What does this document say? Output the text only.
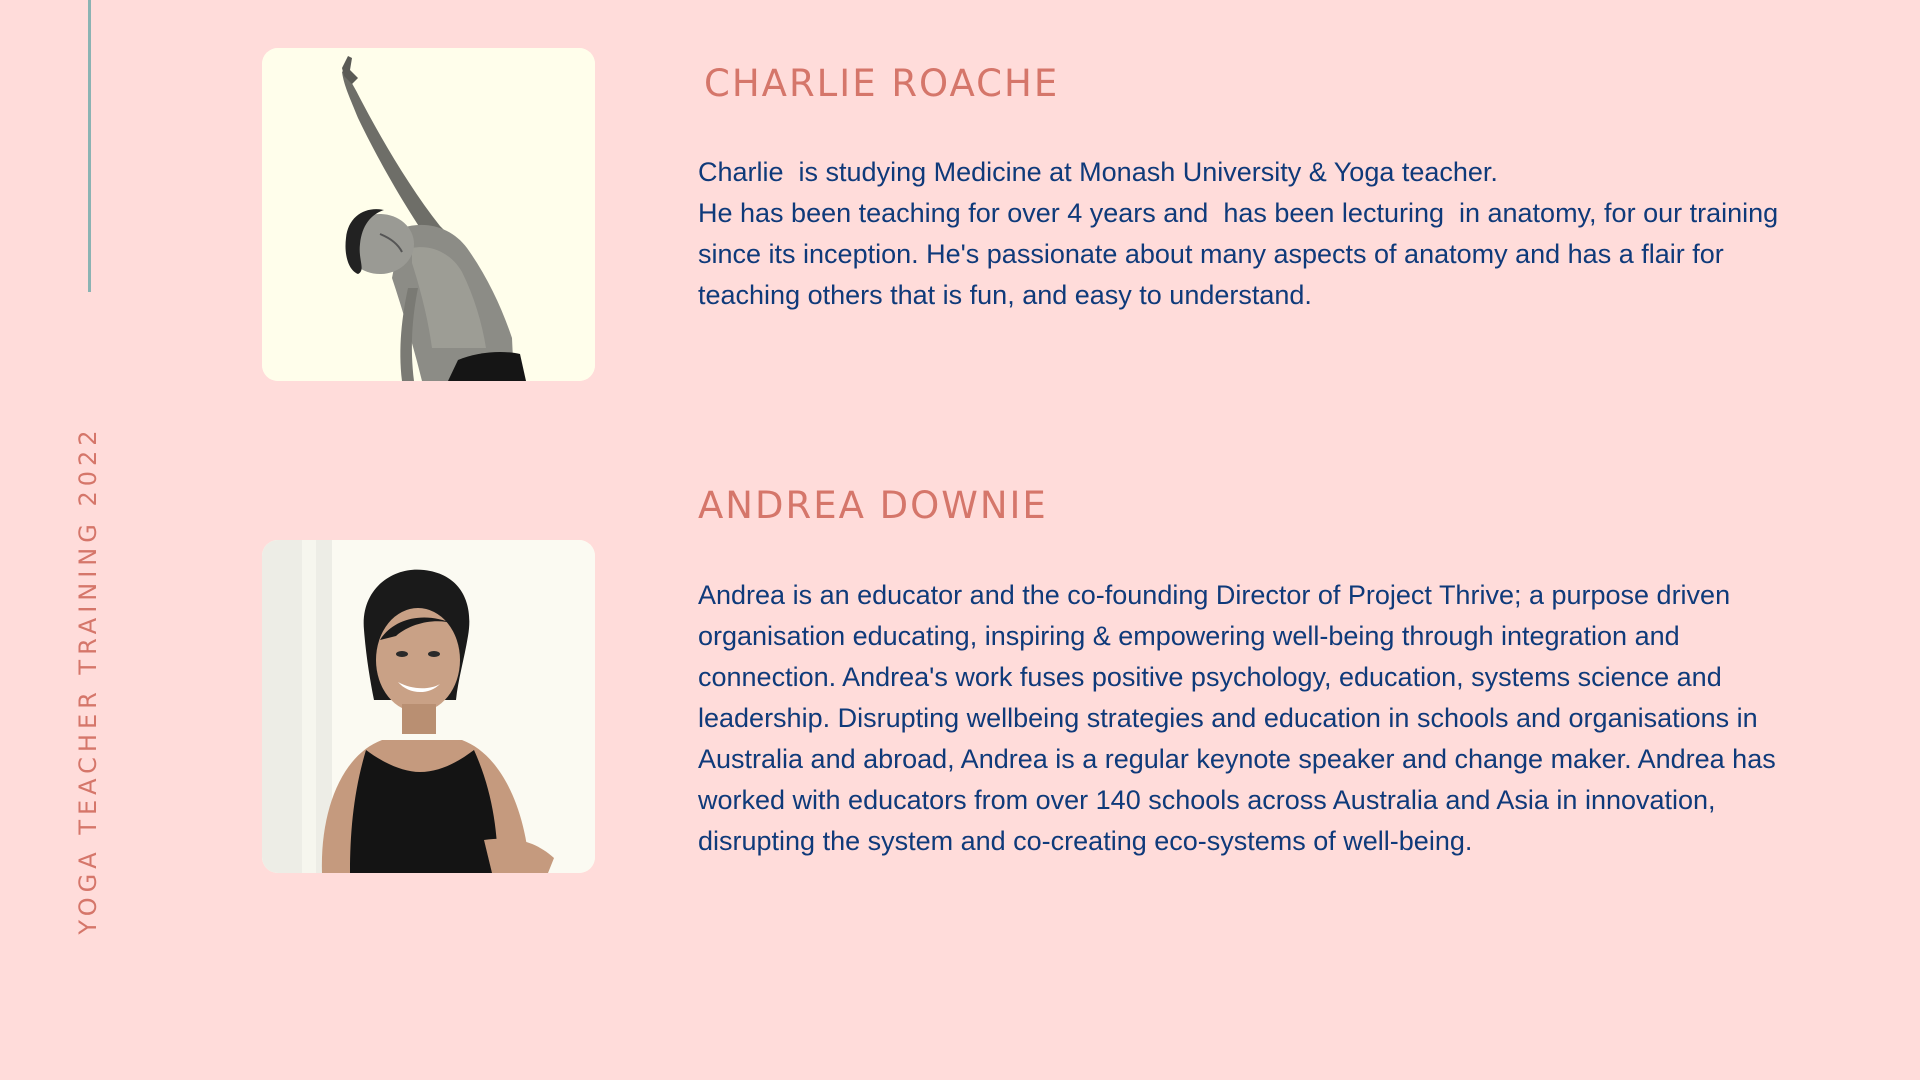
YOGA TEACHER TRAINING 2022
CHARLIE ROACHE
Charlie  is studying Medicine at Monash University & Yoga teacher.
He has been teaching for over 4 years and  has been lecturing  in anatomy, for our training since its inception. He's passionate about many aspects of anatomy and has a flair for teaching others that is fun, and easy to understand.
ANDREA DOWNIE
Andrea is an educator and the co-founding Director of Project Thrive; a purpose driven organisation educating, inspiring & empowering well-being through integration and connection. Andrea's work fuses positive psychology, education, systems science and leadership. Disrupting wellbeing strategies and education in schools and organisations in Australia and abroad, Andrea is a regular keynote speaker and change maker. Andrea has worked with educators from over 140 schools across Australia and Asia in innovation, disrupting the system and co-creating eco-systems of well-being.
